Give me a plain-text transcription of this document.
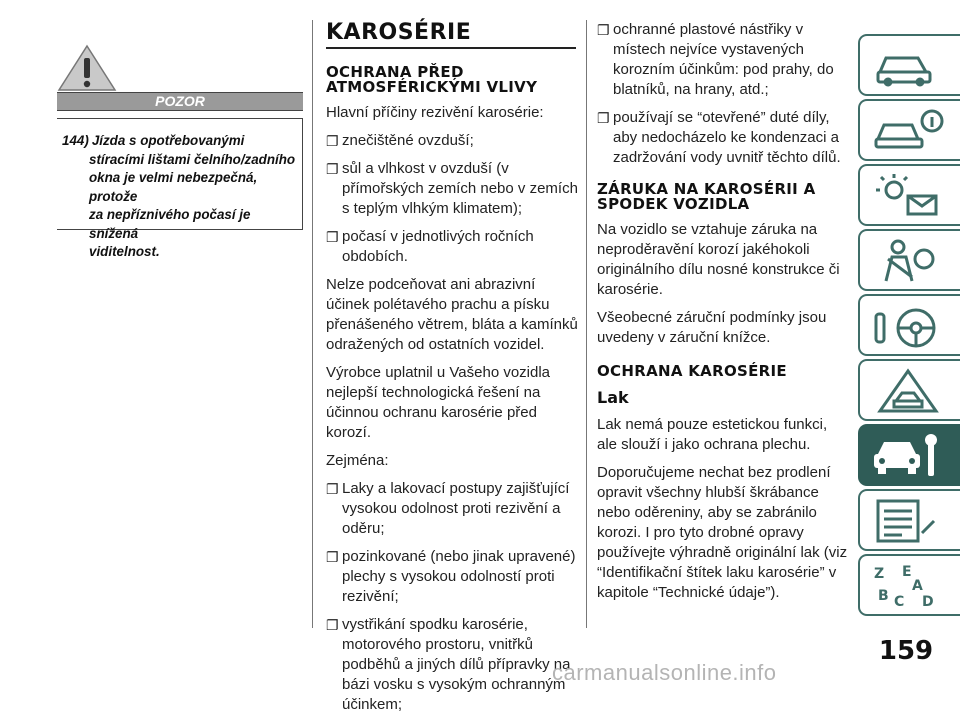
POZOR
144) Jízda s opotřebovanými
stíracími lištami čelního/zadního
okna je velmi nebezpečná, protože
za nepříznivého počasí je snížená
viditelnost.
KAROSÉRIE
OCHRANA PŘED
ATMOSFÉRICKÝMI VLIVY

Hlavní příčiny rezivění karosérie:

❐ znečištěné ovzduší;
❐ sůl a vlhkost v ovzduší (v přímořských zemích nebo v zemích s teplým vlhkým klimatem);
❐ počasí v jednotlivých ročních obdobích.

Nelze podceňovat ani abrazivní účinek polétavého prachu a písku přenášeného větrem, bláta a kamínků odražených od ostatních vozidel.

Výrobce uplatnil u Vašeho vozidla nejlepší technologická řešení na účinnou ochranu karosérie před korozí.

Zejména:

❐ Laky a lakovací postupy zajišťující vysokou odolnost proti rezivění a oděru;
❐ pozinkované (nebo jinak upravené) plechy s vysokou odolností proti rezivění;
❐ vystřikání spodku karosérie, motorového prostoru, vnitřků podběhů a jiných dílů přípravky na bázi vosku s vysokým ochranným účinkem;
❐ ochranné plastové nástřiky v místech nejvíce vystavených korozním účinkům: pod prahy, do blatníků, na hrany, atd.;
❐ používají se “otevřené” duté díly, aby nedocházelo ke kondenzaci a zadržování vody uvnitř těchto dílů.
ZÁRUKA NA KAROSÉRII A
SPODEK VOZIDLA

Na vozidlo se vztahuje záruka na neproděravění korozí jakéhokoli originálního dílu nosné konstrukce či karosérie.

Všeobecné záruční podmínky jsou uvedeny v záruční knížce.

OCHRANA KAROSÉRIE
Lak

Lak nemá pouze estetickou funkci, ale slouží i jako ochrana plechu.

Doporučujeme nechat bez prodlení opravit všechny hlubší škrábance nebo oděreniny, aby se zabránilo korozi. I pro tyto drobné opravy používejte výhradně originální lak (viz “Identifikační štítek laku karosérie” v kapitole “Technické údaje”).

Z E
A
B C D
159
carmanualsonline.info
